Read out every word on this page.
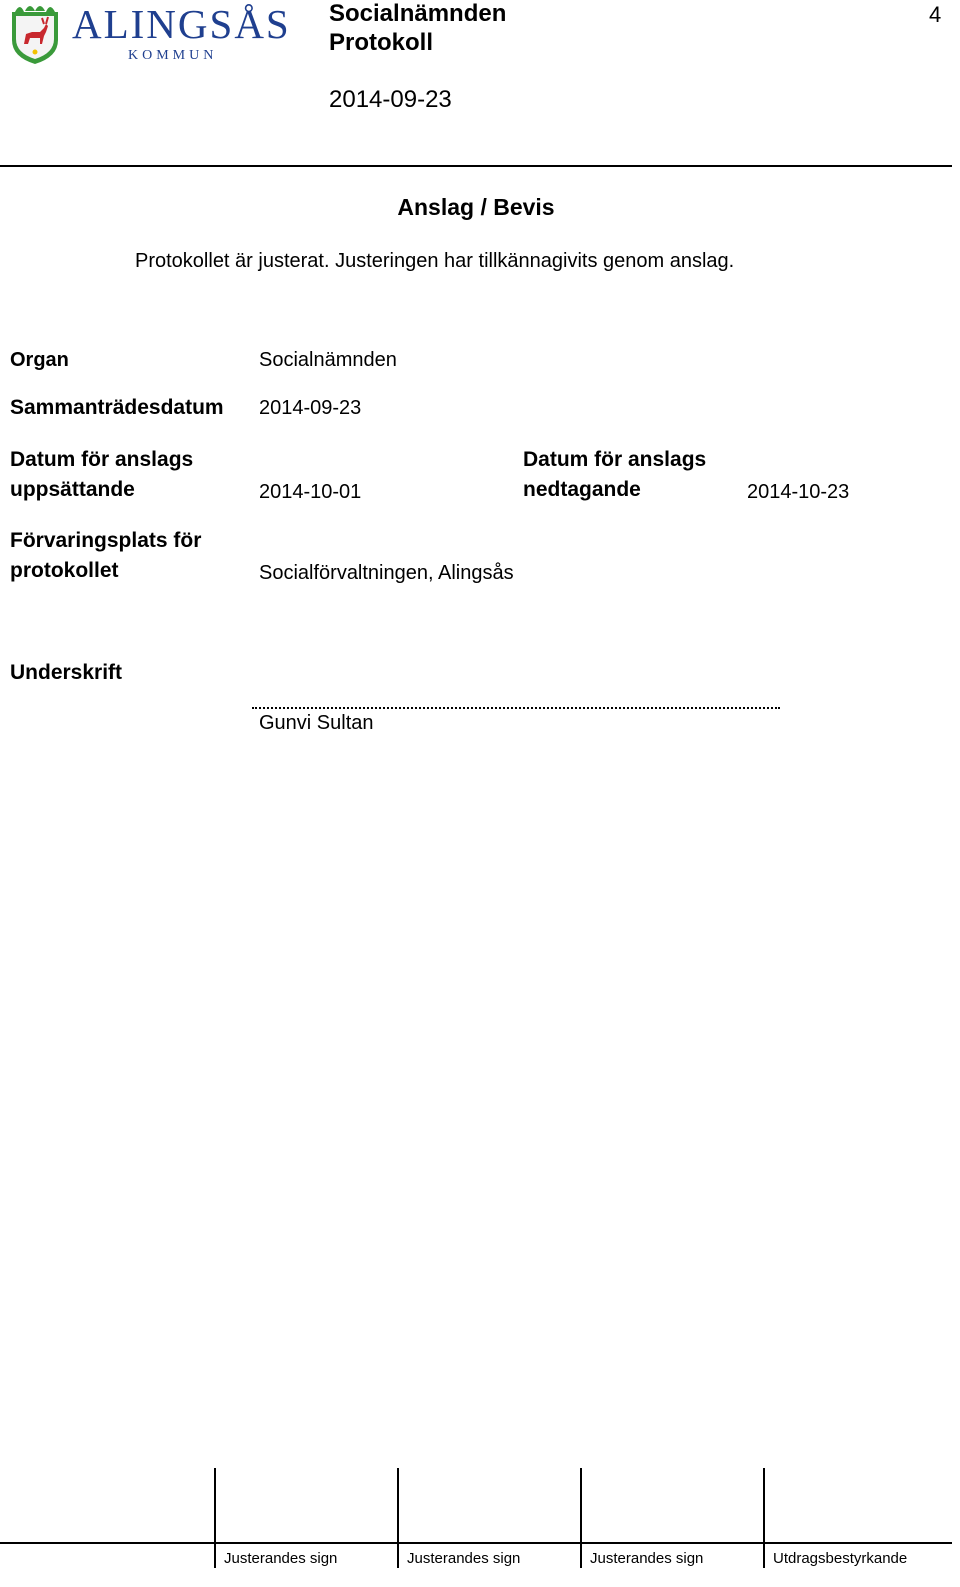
ALINGSÅS
KOMMUN
Socialnämnden
Protokoll
2014-09-23
4
Anslag / Bevis
Protokollet är justerat. Justeringen har tillkännagivits genom anslag.
Organ	Socialnämnden
Sammanträdesdatum 2014-09-23
Datum för anslags
uppsättande	2014-10-01
Datum för anslags
nedtagande	2014-10-23
Förvaringsplats för
protokollet	Socialförvaltningen, Alingsås
Underskrift
Gunvi Sultan
Justerandes sign	Justerandes sign	Justerandes sign	Utdragsbestyrkande
